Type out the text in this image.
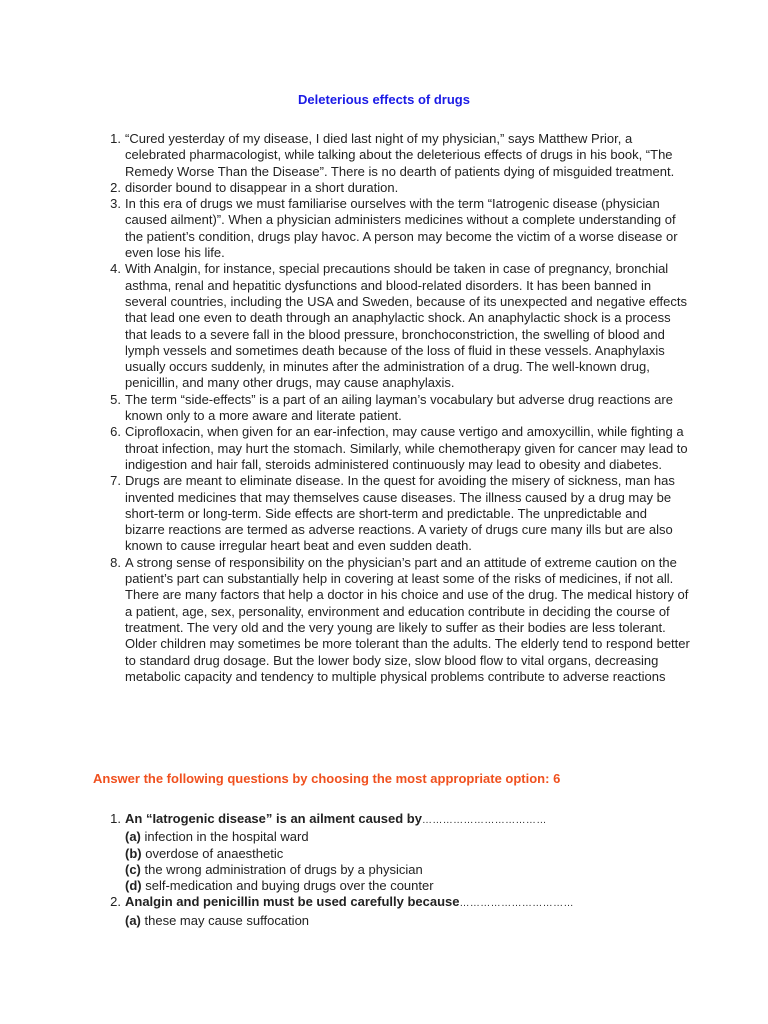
Deleterious effects of drugs
1. “Cured yesterday of my disease, I died last night of my physician,” says Matthew Prior, a celebrated pharmacologist, while talking about the deleterious effects of drugs in his book, “The Remedy Worse Than the Disease”. There is no dearth of patients dying of misguided treatment.
2. disorder bound to disappear in a short duration.
3. In this era of drugs we must familiarise ourselves with the term “Iatrogenic disease (physician caused ailment)”. When a physician administers medicines without a complete understanding of the patient’s condition, drugs play havoc. A person may become the victim of a worse disease or even lose his life.
4. With Analgin, for instance, special precautions should be taken in case of pregnancy, bronchial asthma, renal and hepatitic dysfunctions and blood-related disorders. It has been banned in several countries, including the USA and Sweden, because of its unexpected and negative effects that lead one even to death through an anaphylactic shock. An anaphylactic shock is a process that leads to a severe fall in the blood pressure, bronchoconstriction, the swelling of blood and lymph vessels and sometimes death because of the loss of fluid in these vessels. Anaphylaxis usually occurs suddenly, in minutes after the administration of a drug. The well-known drug, penicillin, and many other drugs, may cause anaphylaxis.
5. The term “side-effects” is a part of an ailing layman’s vocabulary but adverse drug reactions are known only to a more aware and literate patient.
6. Ciprofloxacin, when given for an ear-infection, may cause vertigo and amoxycillin, while fighting a throat infection, may hurt the stomach. Similarly, while chemotherapy given for cancer may lead to indigestion and hair fall, steroids administered continuously may lead to obesity and diabetes.
7. Drugs are meant to eliminate disease. In the quest for avoiding the misery of sickness, man has invented medicines that may themselves cause diseases. The illness caused by a drug may be short-term or long-term. Side effects are short-term and predictable. The unpredictable and bizarre reactions are termed as adverse reactions. A variety of drugs cure many ills but are also known to cause irregular heart beat and even sudden death.
8. A strong sense of responsibility on the physician’s part and an attitude of extreme caution on the patient’s part can substantially help in covering at least some of the risks of medicines, if not all. There are many factors that help a doctor in his choice and use of the drug. The medical history of a patient, age, sex, personality, environment and education contribute in deciding the course of treatment. The very old and the very young are likely to suffer as their bodies are less tolerant. Older children may sometimes be more tolerant than the adults. The elderly tend to respond better to standard drug dosage. But the lower body size, slow blood flow to vital organs, decreasing metabolic capacity and tendency to multiple physical problems contribute to adverse reactions
Answer the following questions by choosing the most appropriate option: 6
1. An “Iatrogenic disease” is an ailment caused by………………………………
(a) infection in the hospital ward
(b) overdose of anaesthetic
(c) the wrong administration of drugs by a physician
(d) self-medication and buying drugs over the counter
2. Analgin and penicillin must be used carefully because……………………………
(a) these may cause suffocation
